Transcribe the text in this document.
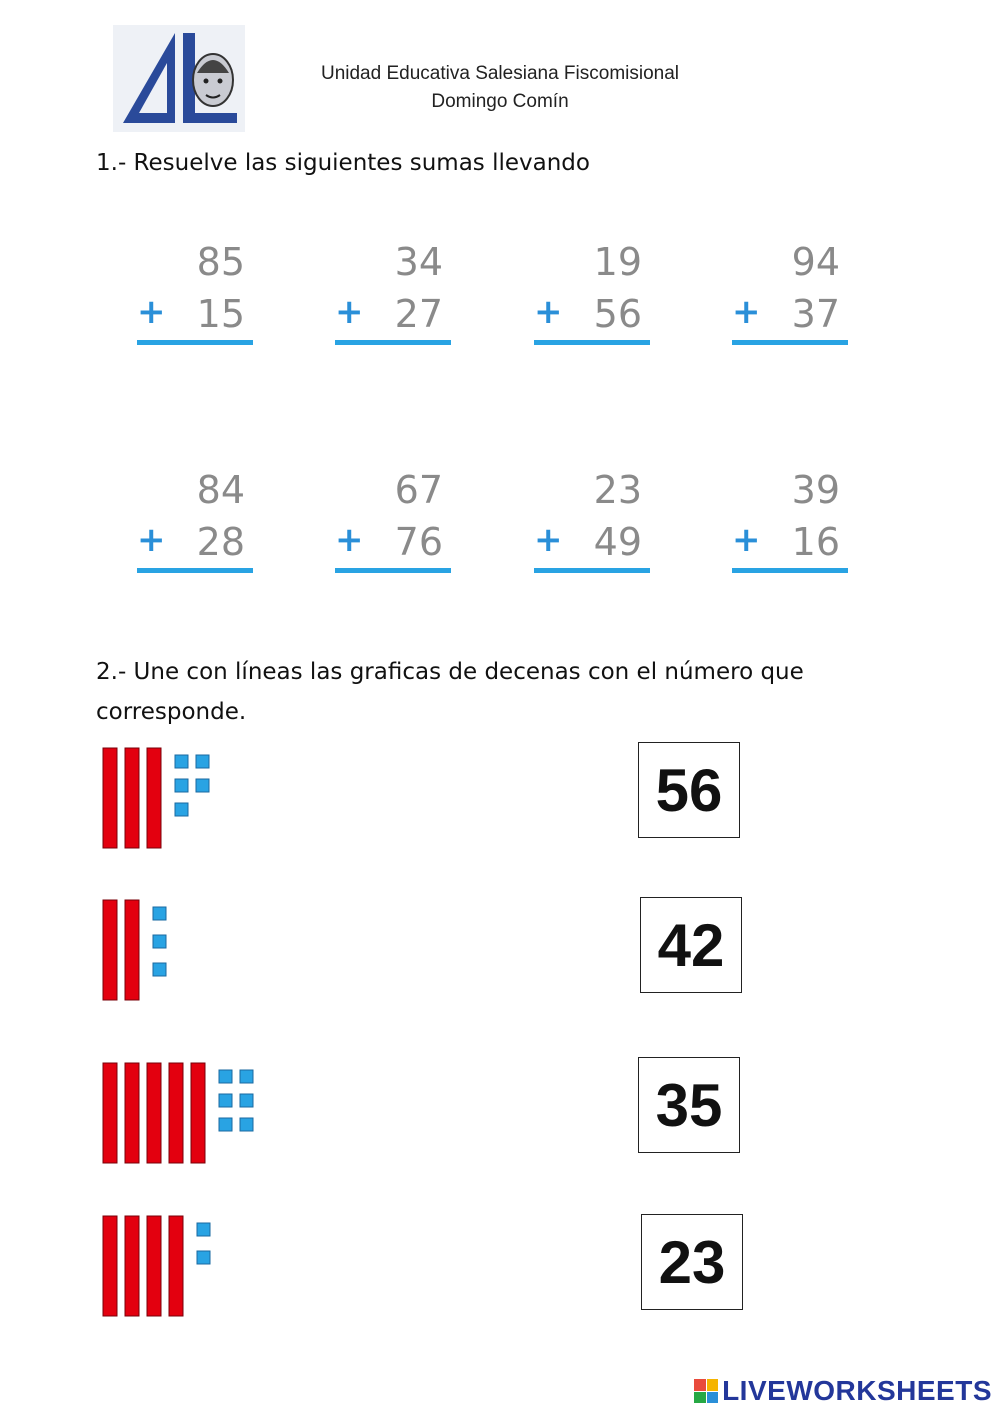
Unidad Educativa Salesiana Fiscomisional
Domingo Comín
1.- Resuelve las siguientes sumas llevando
85
+ 15
34
+ 27
19
+ 56
94
+ 37
84
+ 28
67
+ 76
23
+ 49
39
+ 16
2.- Une con líneas las graficas de decenas con el número que corresponde.
56
42
35
23
LIVEWORKSHEETS
